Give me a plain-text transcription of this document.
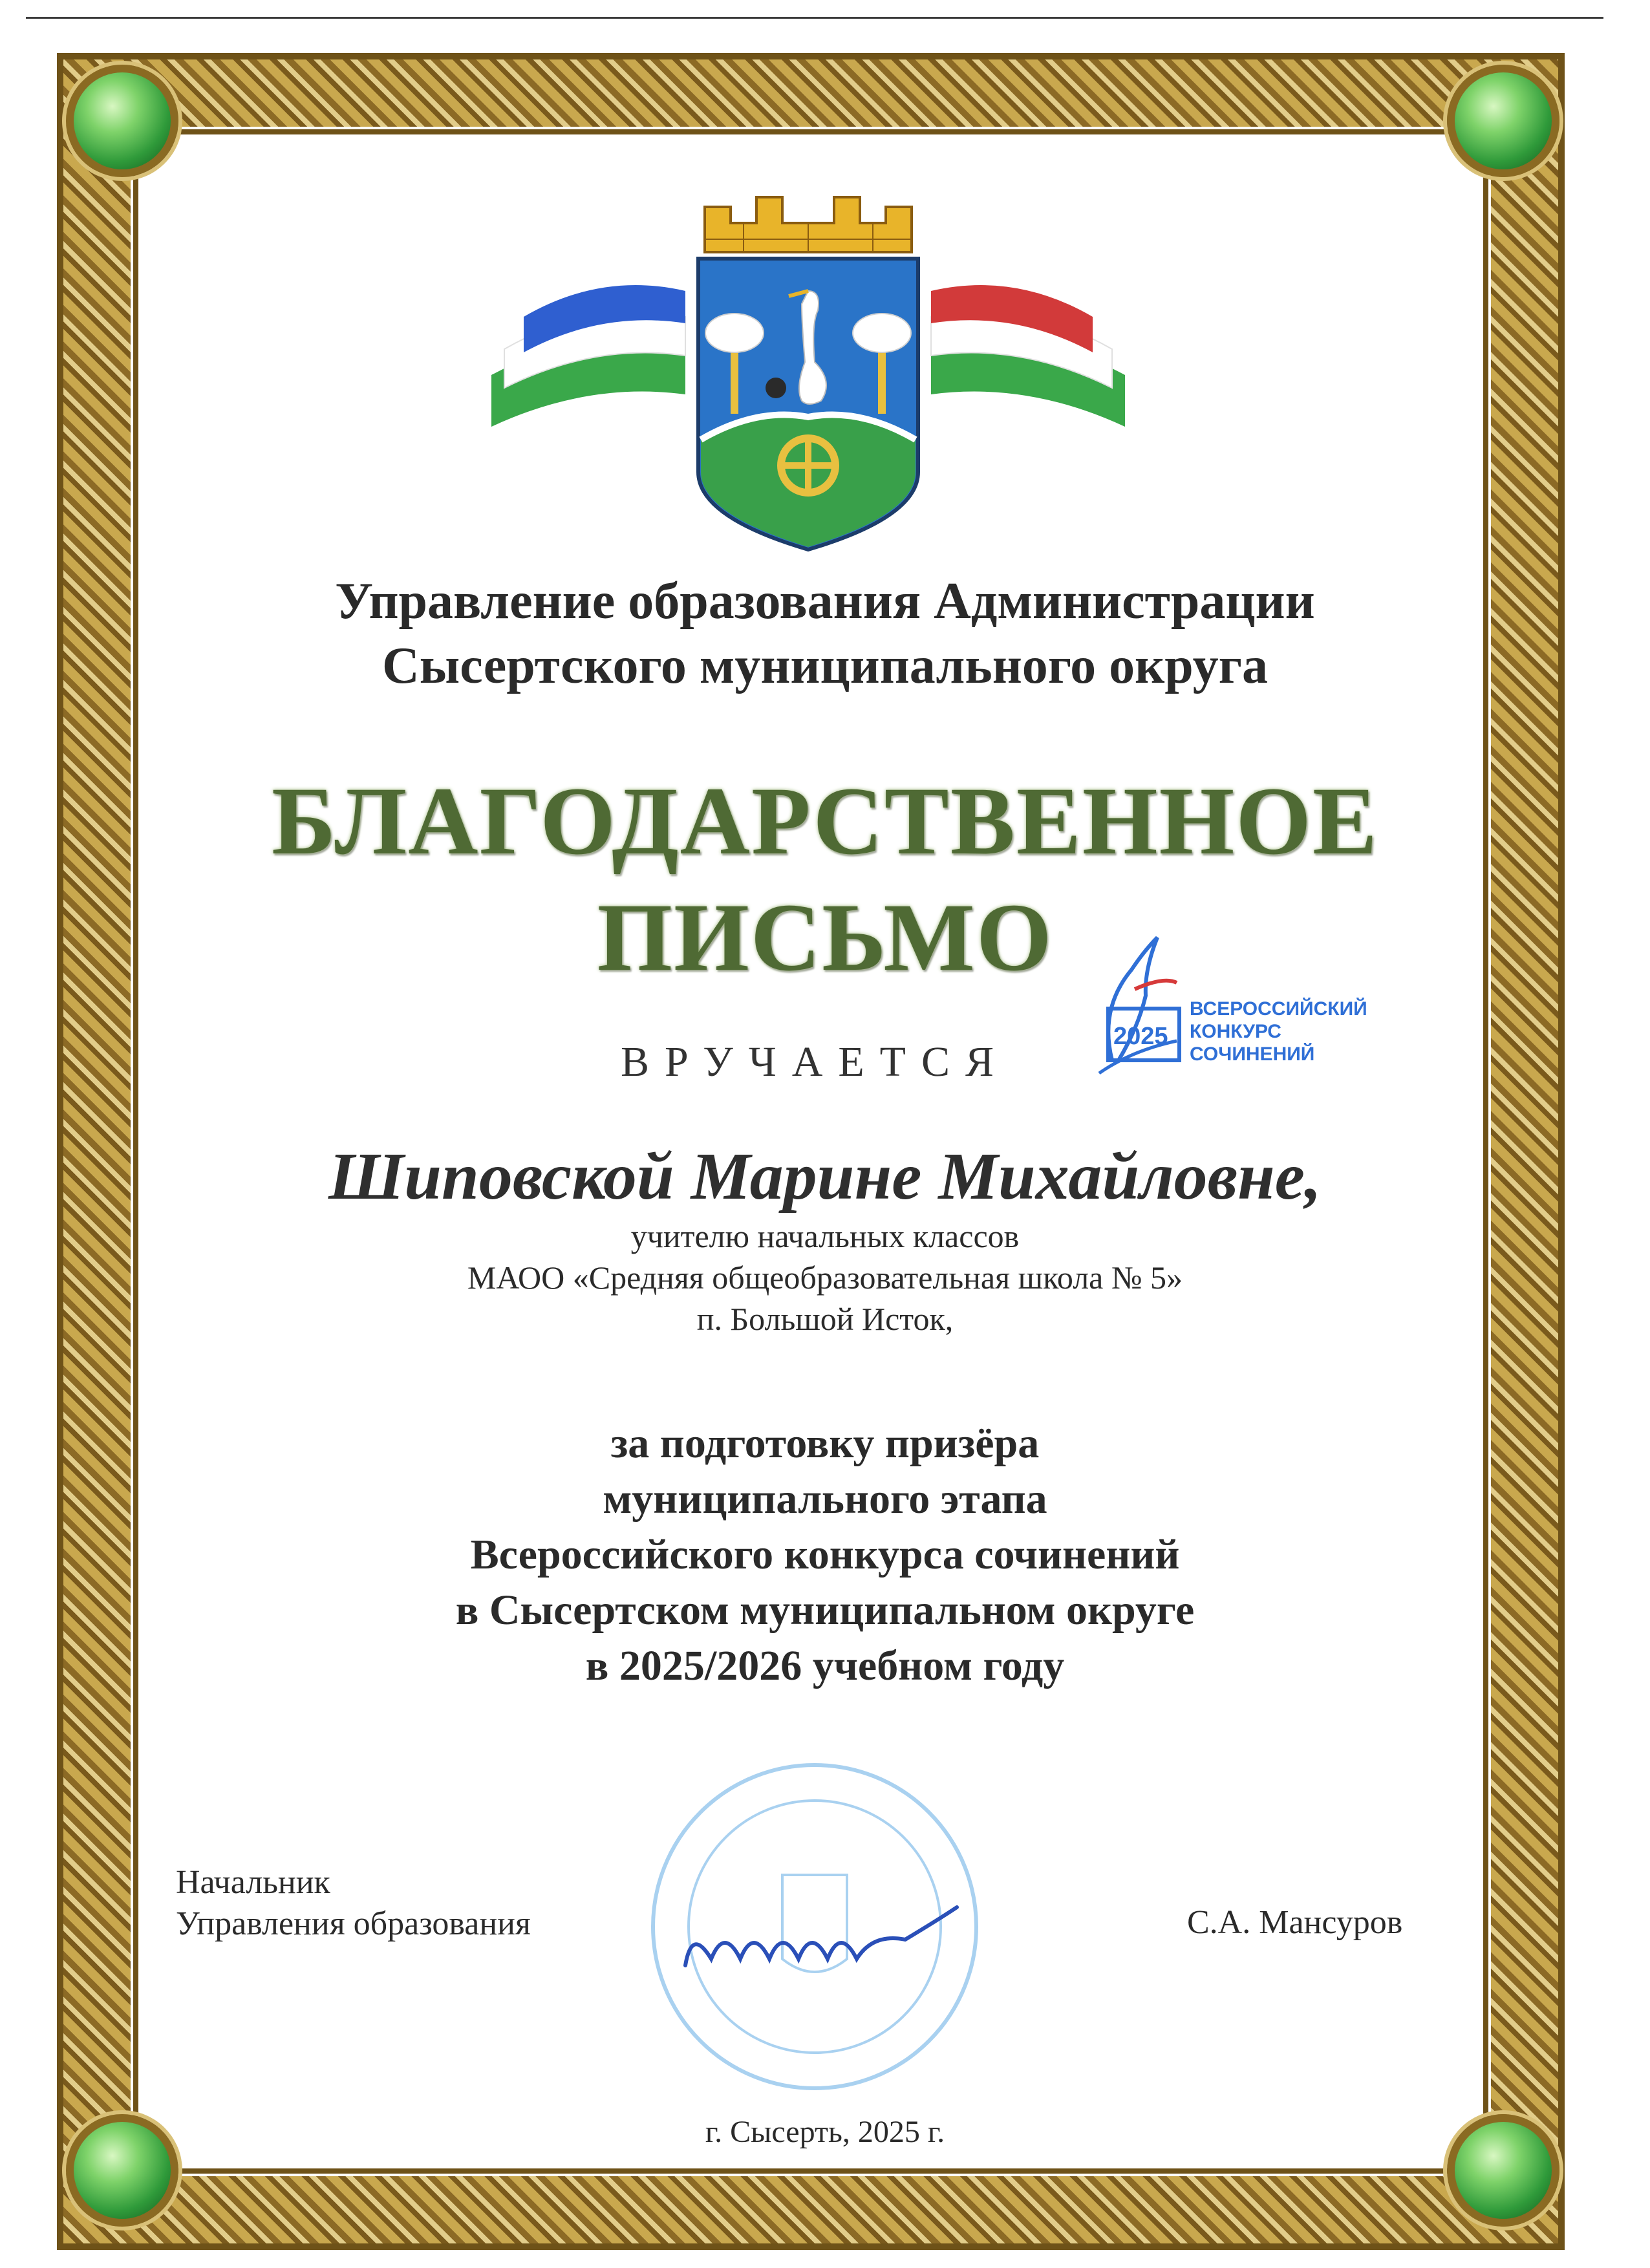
Управление образования Администрации
Сысертского муниципального округа
БЛАГОДАРСТВЕННОЕ
ПИСЬМО
2025
ВСЕРОССИЙСКИЙ
КОНКУРС
СОЧИНЕНИЙ
ВРУЧАЕТСЯ
Шиповской Марине Михайловне,
учителю начальных классов
МАОО «Средняя общеобразовательная школа № 5»
п. Большой Исток,
за подготовку призёра
муниципального этапа
Всероссийского конкурса сочинений
в Сысертском муниципальном округе
в 2025/2026 учебном году
Начальник
Управления образования	С.А. Мансуров
г. Сысерть, 2025 г.
